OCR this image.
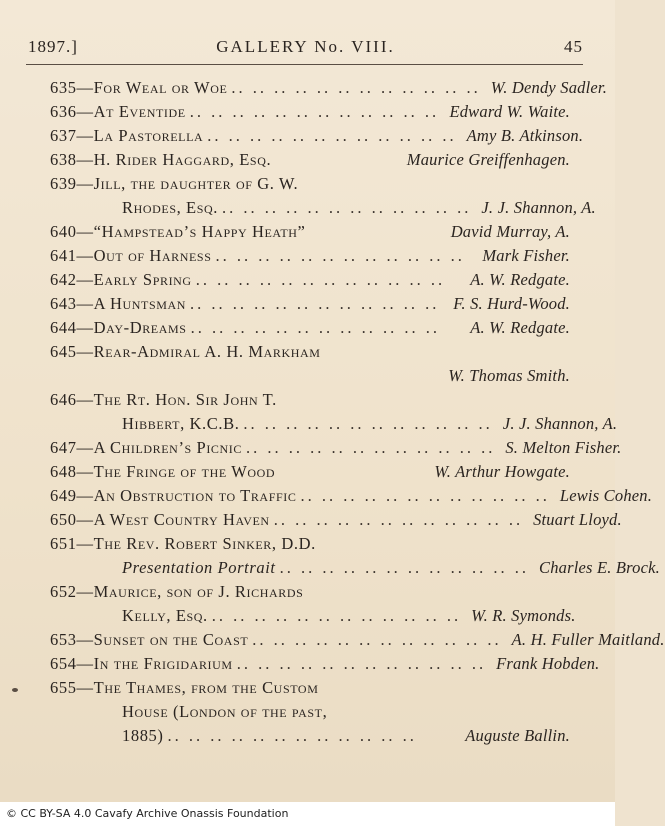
1897.]	GALLERY No. VIII.	45
635—For Weal or Woe .. .. .. .. .. .. .. .. .. .. .. .. W. Dendy Sadler.
636—At Eventide .. .. .. .. .. .. .. .. .. .. .. .. Edward W. Waite.
637—La Pastorella .. .. .. .. .. .. .. .. .. .. .. .. Amy B. Atkinson.
638—H. Rider Haggard, Esq.	Maurice Greiffenhagen.
639—Jill, the daughter of G. W.
Rhodes, Esq. .. .. .. .. .. .. .. .. .. .. .. .. J. J. Shannon, A.
640—“Hampstead’s Happy Heath”	David Murray, A.
641—Out of Harness .. .. .. .. .. .. .. .. .. .. .. ..	Mark Fisher.
642—Early Spring .. .. .. .. .. .. .. .. .. .. .. ..	A. W. Redgate.
643—A Huntsman .. .. .. .. .. .. .. .. .. .. .. .. F. S. Hurd-Wood.
644—Day-Dreams .. .. .. .. .. .. .. .. .. .. .. ..	A. W. Redgate.
645—Rear-Admiral A. H. Markham
W. Thomas Smith.
646—The Rt. Hon. Sir John T.
Hibbert, K.C.B. .. .. .. .. .. .. .. .. .. .. .. .. J. J. Shannon, A.
647—A Children’s Picnic .. .. .. .. .. .. .. .. .. .. .. .. S. Melton Fisher.
648—The Fringe of the Wood	W. Arthur Howgate.
649—An Obstruction to Traffic .. .. .. .. .. .. .. .. .. .. .. .. Lewis Cohen.
650—A West Country Haven .. .. .. .. .. .. .. .. .. .. .. .. Stuart Lloyd.
651—The Rev. Robert Sinker, D.D.
Presentation Portrait .. .. .. .. .. .. .. .. .. .. .. .. Charles E. Brock.
652—Maurice, son of J. Richards
Kelly, Esq. .. .. .. .. .. .. .. .. .. .. .. .. W. R. Symonds.
653—Sunset on the Coast .. .. .. .. .. .. .. .. .. .. .. .. A. H. Fuller Maitland.
654—In the Frigidarium .. .. .. .. .. .. .. .. .. .. .. .. Frank Hobden.
655—The Thames, from the Custom
House (London of the past,
1885) .. .. .. .. .. .. .. .. .. .. .. ..	Auguste Ballin.
© CC BY-SA 4.0 Cavafy Archive Onassis Foundation
